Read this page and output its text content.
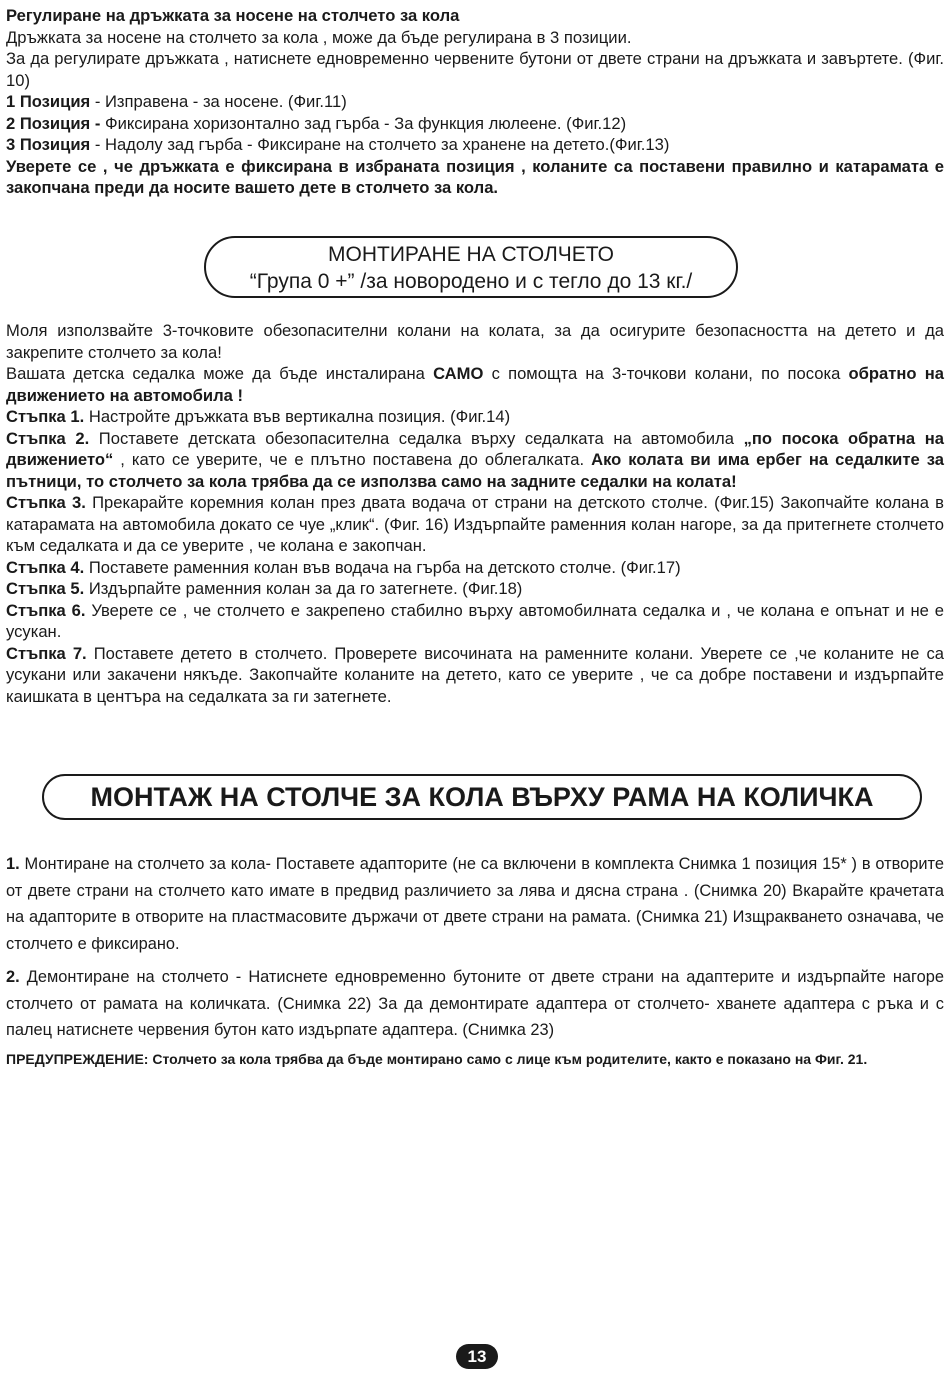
Регулиране на дръжката за носене на столчето за кола

Дръжката за носене на столчето за кола , може да бъде регулирана в 3 позиции.

За да регулирате дръжката , натиснете едновременно червените бутони от двете страни на дръжката и завъртете. (Фиг. 10)

1 Позиция - Изправена - за носене. (Фиг.11)

2 Позиция - Фиксирана хоризонтално зад гърба - За функция люлеене. (Фиг.12)

3 Позиция - Надолу зад гърба - Фиксиране на столчето за хранене на детето.(Фиг.13)

Уверете се , че дръжката е фиксирана в избраната позиция , коланите са поставени правилно и катарамата е закопчана преди да носите вашето дете в столчето за кола.

МОНТИРАНЕ НА СТОЛЧЕТО
“Група 0 +” /за новородено и с тегло до 13 кг./

Моля използвайте 3-точковите обезопасителни колани на колата, за да осигурите безопасността на детето и да закрепите столчето за кола!

Вашата детска седалка може да бъде инсталирана САМО с помощта на 3-точкови колани, по посока обратно на движението на автомобила !

Стъпка 1. Настройте дръжката във вертикална позиция. (Фиг.14)

Стъпка 2. Поставете детската обезопасителна седалка върху седалката на автомобила „по посока обратна на движението“ , като се уверите, че е плътно поставена до облегалката. Ако колата ви има ербег на седалките за пътници, то столчето за кола трябва да се използва само на задните седалки на колата!

Стъпка 3. Прекарайте коремния колан през двата водача от страни на детското столче. (Фиг.15) Закопчайте колана в катарамата на автомобила докато се чуе „клик“. (Фиг. 16) Издърпайте раменния колан нагоре, за да притегнете столчето към седалката и да се уверите , че колана е закопчан.

Стъпка 4. Поставете раменния колан във водача на гърба на детското столче. (Фиг.17)

Стъпка 5. Издърпайте раменния колан за да го затегнете. (Фиг.18)

Стъпка 6. Уверете се , че столчето е закрепено стабилно върху автомобилната седалка и , че колана е опънат и не е усукан.

Стъпка 7. Поставете детето в столчето. Проверете височината на раменните колани. Уверете се ,че коланите не са усукани или закачени някъде. Закопчайте коланите на детето, като се уверите , че са добре поставени и издърпайте каишката в центъра на седалката за ги затегнете.

МОНТАЖ НА СТОЛЧЕ ЗА КОЛА ВЪРХУ РАМА НА КОЛИЧКА

1. Монтиране на столчето за кола- Поставете адапторите (не са включени в комплекта Снимка 1 позиция 15* ) в отворите от двете страни на столчето като имате в предвид различието за лява и дясна страна . (Снимка 20) Вкарайте крачетата на адапторите в отворите на пластмасовите държачи от двете страни на рамата. (Снимка 21) Изщракването означава, че столчето е фиксирано.

2. Демонтиране на столчето - Натиснете едновременно бутоните от двете страни на адаптерите и издърпайте нагоре столчето от рамата на количката. (Снимка 22) За да демонтирате адаптера от столчето- хванете адаптера с ръка и с палец натиснете червения бутон като издърпате адаптера. (Снимка 23)

ПРЕДУПРЕЖДЕНИЕ: Столчето за кола трябва да бъде монтирано само с лице към родителите, както е показано на Фиг. 21.

13
